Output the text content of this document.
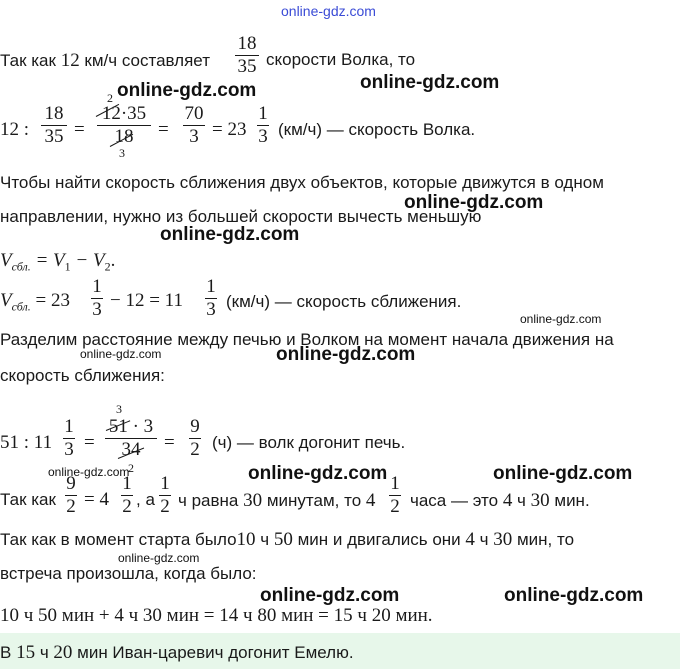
online-gdz.com
Так как 12 км/ч составляет
18
35 скорости Волка, то
online-gdz.com	online-gdz.com
12 :
18
35 =
2
12·35
18
3
=
70
3 = 23
1
3 (км/ч) — скорость Волка.
Чтобы найти скорость сближения двух объектов, которые движутся в одном
направлении, нужно из большей скорости вычесть меньшую
online-gdz.com
online-gdz.com
$V_{сбл.} = V_1 - V_2$.
$V_{сбл.} = 23$
1
3 − 12 = 11
1
3 (км/ч) — скорость сближения.
online-gdz.com
Разделим расстояние между печью и Волком на момент начала движения на
online-gdz.com	online-gdz.com
скорость сближения:
51 : 11
1
3 =
3
51 · 3
34
2
=
9
2 (ч) — волк догонит печь.
online-gdz.com	online-gdz.com	online-gdz.com
Так как
9
2 = 4
1
2 , а
1
2 ч равна 30 минутам, то 4
1
2 часа — это 4 ч 30 мин.
Так как в момент старта было10 ч 50 мин и двигались они 4 ч 30 мин, то
online-gdz.com
встреча произошла, когда было:
online-gdz.com	online-gdz.com
10 ч 50 мин + 4 ч 30 мин = 14 ч 80 мин = 15 ч 20 мин.
В 15 ч 20 мин Иван-царевич догонит Емелю.
